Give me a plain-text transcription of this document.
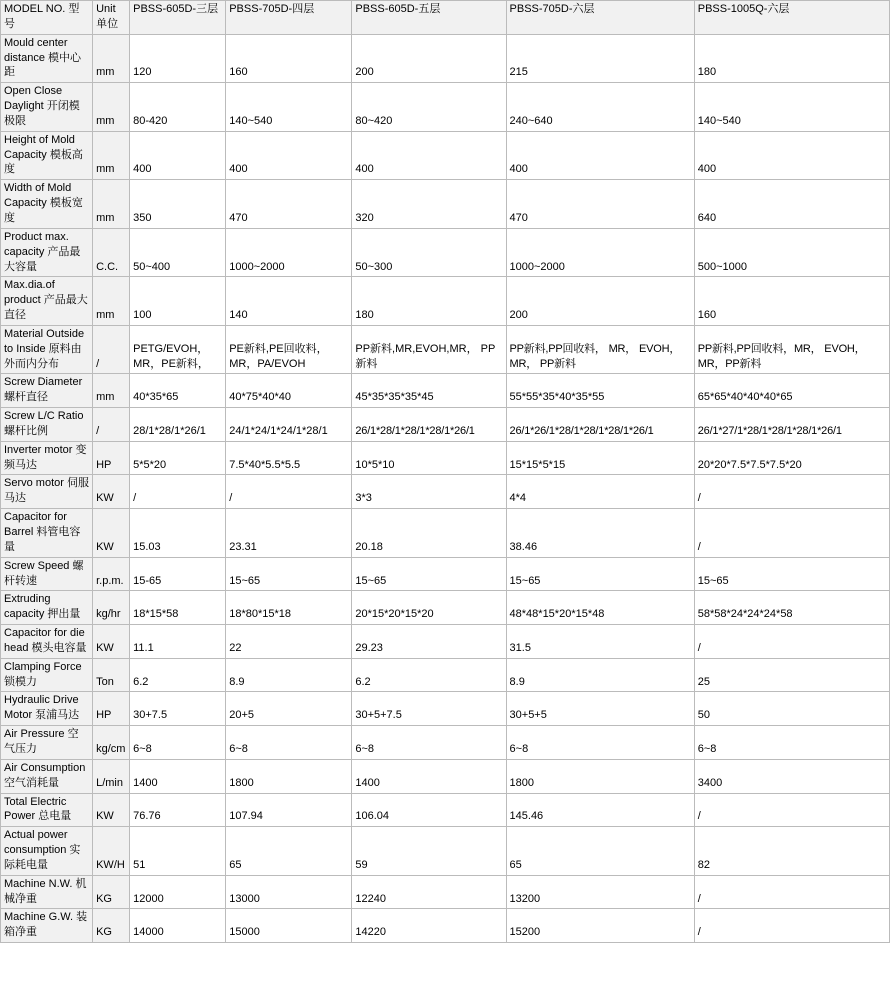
MODEL NO. 型号	Unit单位	PBSS-605D-三层	PBSS-705D-四层	PBSS-605D-五层	PBSS-705D-六层	PBSS-1005Q-六层
Mould center distance 模中心距	mm	120	160	200	215	180
Open Close Daylight 开闭模极限	mm	80-420	140~540	80~420	240~640	140~540
Height of Mold Capacity 模板高度	mm	400	400	400	400	400
Width of Mold Capacity 模板宽度	mm	350	470	320	470	640
Product max. capacity 产品最大容量	C.C.	50~400	1000~2000	50~300	1000~2000	500~1000
Max.dia.of product 产品最大直径	mm	100	140	180	200	160
Material Outside to Inside 原料由外而内分布	/	PETG/EVOH，MR，PE新料，	PE新料,PE回收料，MR，PA/EVOH	PP新料,MR,EVOH,MR， PP新料	PP新料,PP回收料， MR， EVOH， MR， PP新料	PP新料,PP回收料，MR， EVOH，MR，PP新料
Screw Diameter 螺杆直径	mm	40*35*65	40*75*40*40	45*35*35*35*45	55*55*35*40*35*55	65*65*40*40*40*65
Screw L/C Ratio 螺杆比例	/	28/1*28/1*26/1	24/1*24/1*24/1*28/1	26/1*28/1*28/1*28/1*26/1	26/1*26/1*28/1*28/1*28/1*26/1	26/1*27/1*28/1*28/1*28/1*26/1
Inverter motor 变频马达	HP	5*5*20	7.5*40*5.5*5.5	10*5*10	15*15*5*15	20*20*7.5*7.5*7.5*20
Servo motor 伺服马达	KW	/	/	3*3	4*4	/
Capacitor for Barrel 料管电容量	KW	15.03	23.31	20.18	38.46	/
Screw Speed 螺杆转速	r.p.m.	15-65	15~65	15~65	15~65	15~65
Extruding capacity 押出量	kg/hr	18*15*58	18*80*15*18	20*15*20*15*20	48*48*15*20*15*48	58*58*24*24*24*58
Capacitor for die head 模头电容量	KW	11.1	22	29.23	31.5	/
Clamping Force 锁模力	Ton	6.2	8.9	6.2	8.9	25
Hydraulic Drive Motor 泵浦马达	HP	30+7.5	20+5	30+5+7.5	30+5+5	50
Air Pressure 空气压力	kg/cm	6~8	6~8	6~8	6~8	6~8
Air Consumption 空气消耗量	L/min	1400	1800	1400	1800	3400
Total Electric Power 总电量	KW	76.76	107.94	106.04	145.46	/
Actual power consumption 实际耗电量	KW/H	51	65	59	65	82
Machine N.W. 机械净重	KG	12000	13000	12240	13200	/
Machine G.W. 装箱净重	KG	14000	15000	14220	15200	/
